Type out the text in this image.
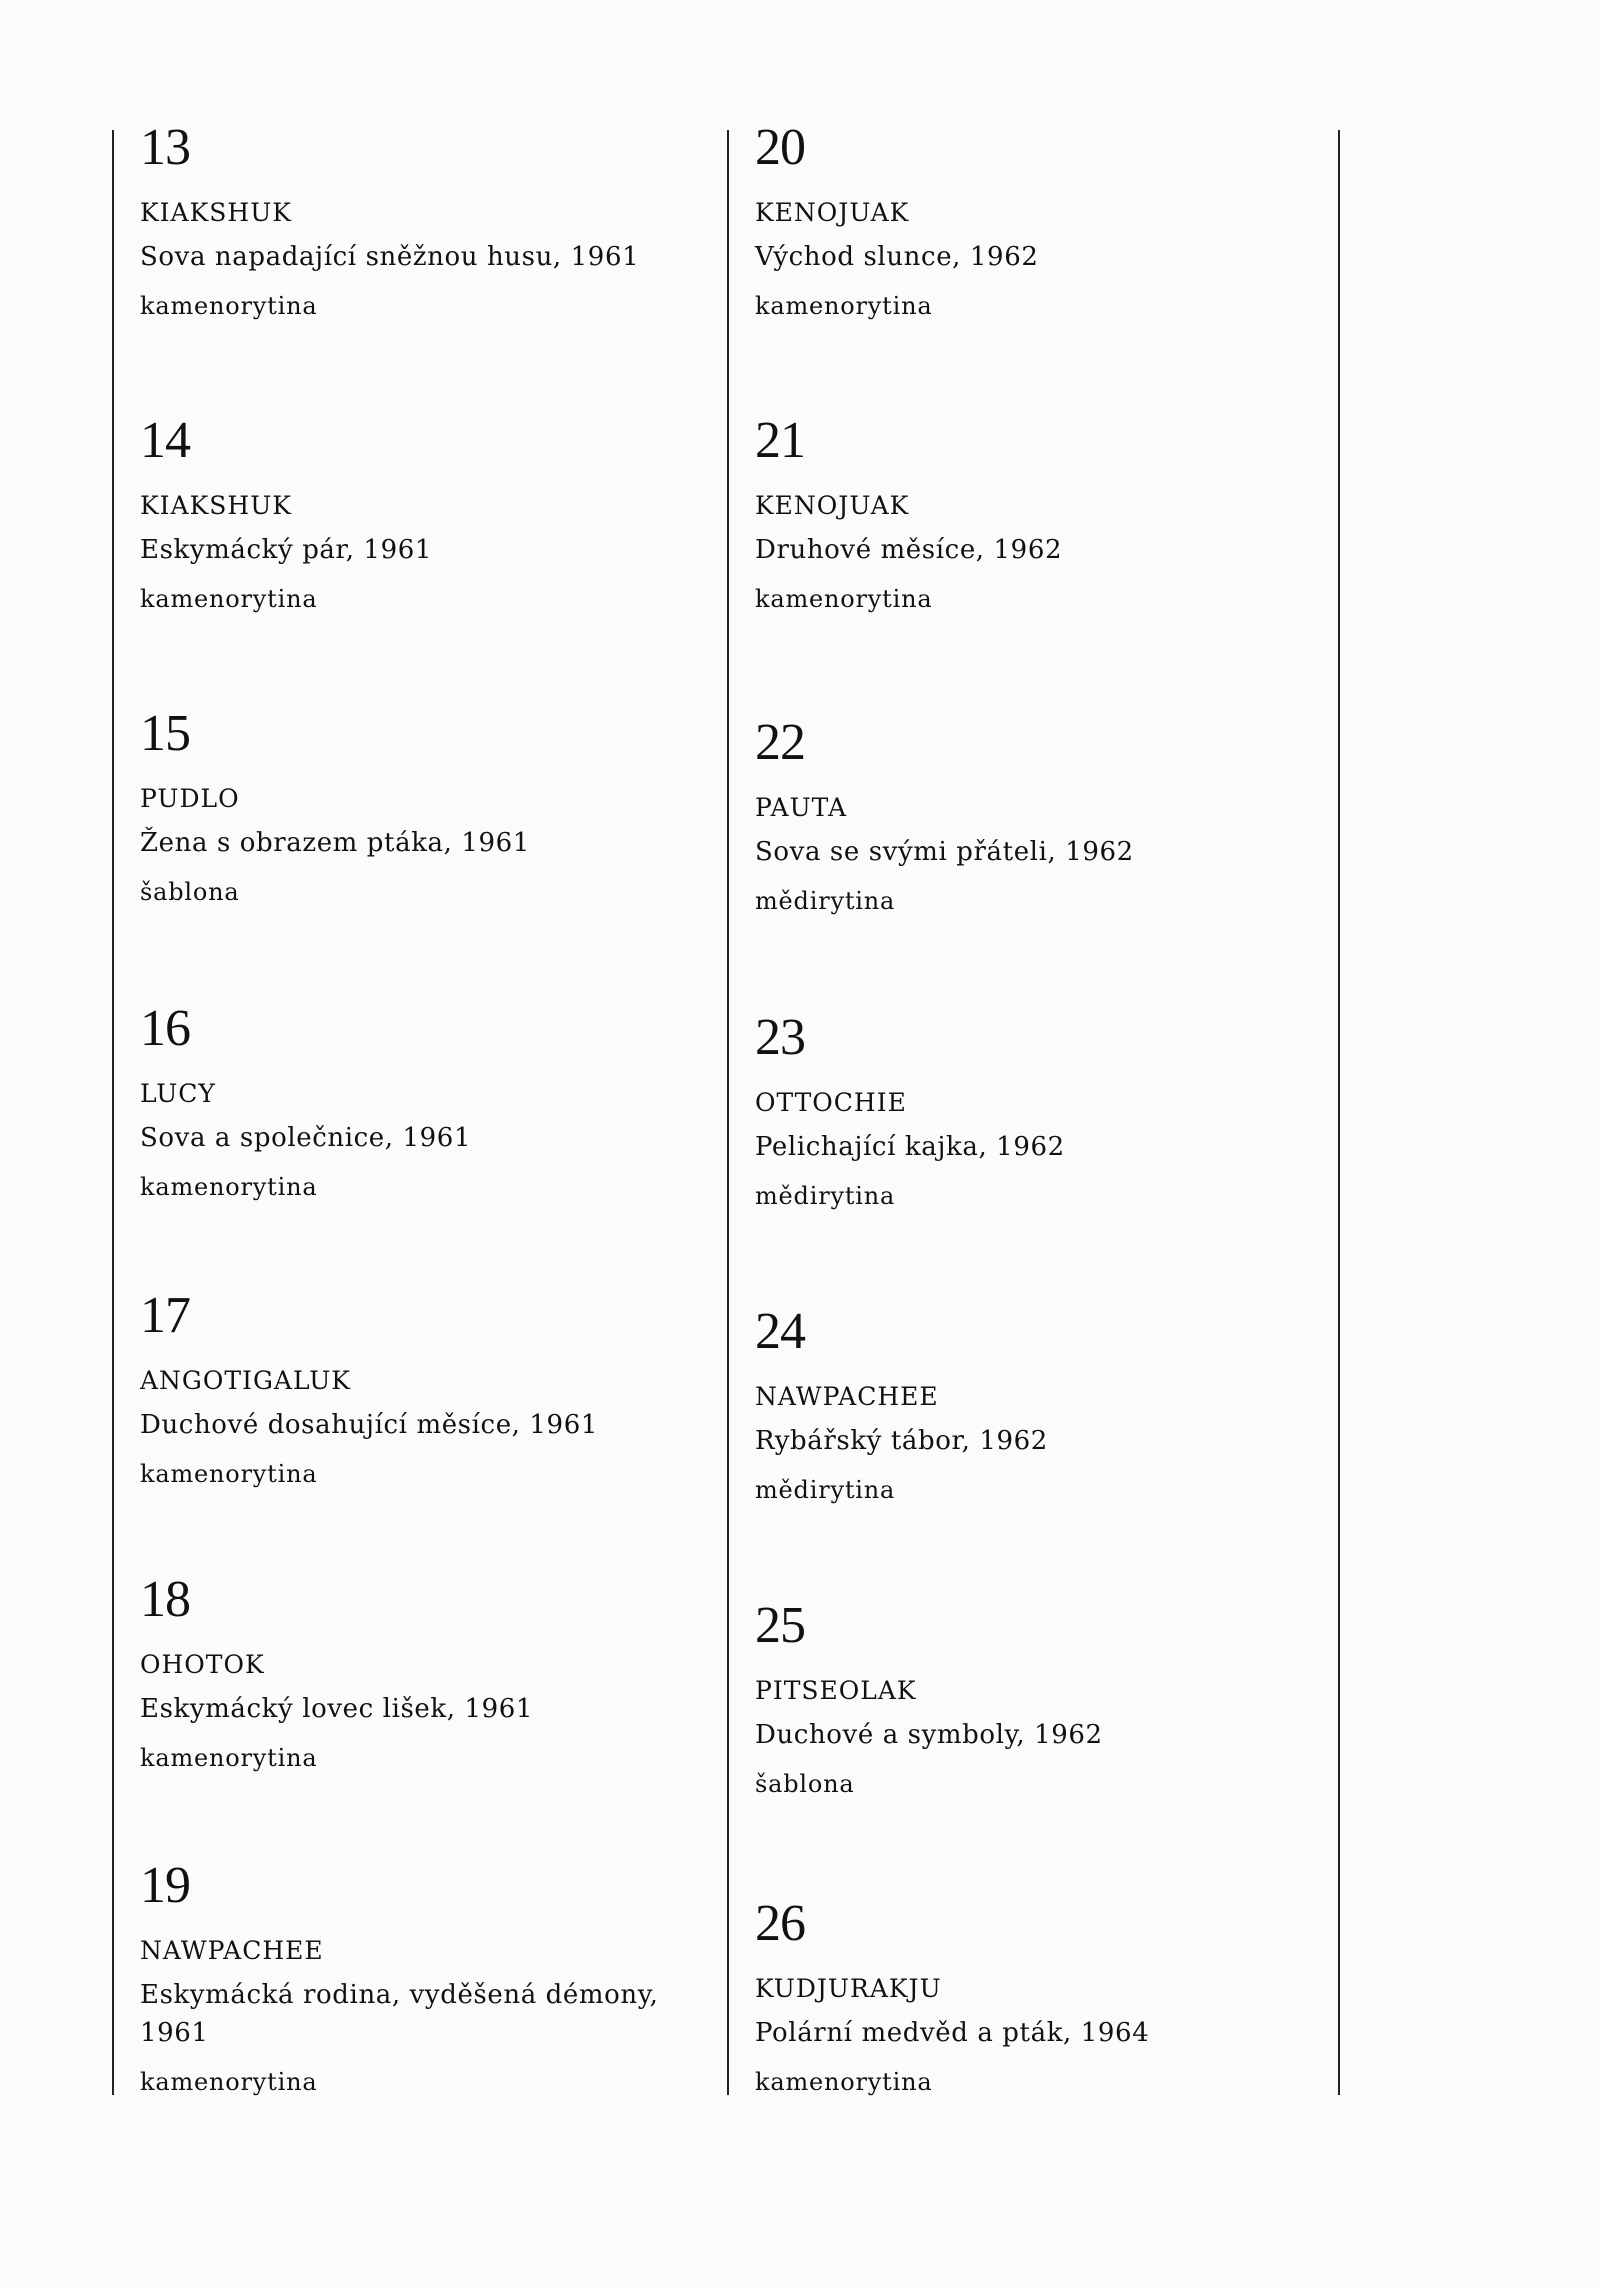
13
KIAKSHUK
Sova napadající sněžnou husu, 1961
kamenorytina
14
KIAKSHUK
Eskymácký pár, 1961
kamenorytina
15
PUDLO
Žena s obrazem ptáka, 1961
šablona
16
LUCY
Sova a společnice, 1961
kamenorytina
17
ANGOTIGALUK
Duchové dosahující měsíce, 1961
kamenorytina
18
OHOTOK
Eskymácký lovec lišek, 1961
kamenorytina
19
NAWPACHEE
Eskymácká rodina, vyděšená démony, 1961
kamenorytina
20
KENOJUAK
Východ slunce, 1962
kamenorytina
21
KENOJUAK
Druhové měsíce, 1962
kamenorytina
22
PAUTA
Sova se svými přáteli, 1962
mědirytina
23
OTTOCHIE
Pelichající kajka, 1962
mědirytina
24
NAWPACHEE
Rybářský tábor, 1962
mědirytina
25
PITSEOLAK
Duchové a symboly, 1962
šablona
26
KUDJURAKJU
Polární medvěd a pták, 1964
kamenorytina
